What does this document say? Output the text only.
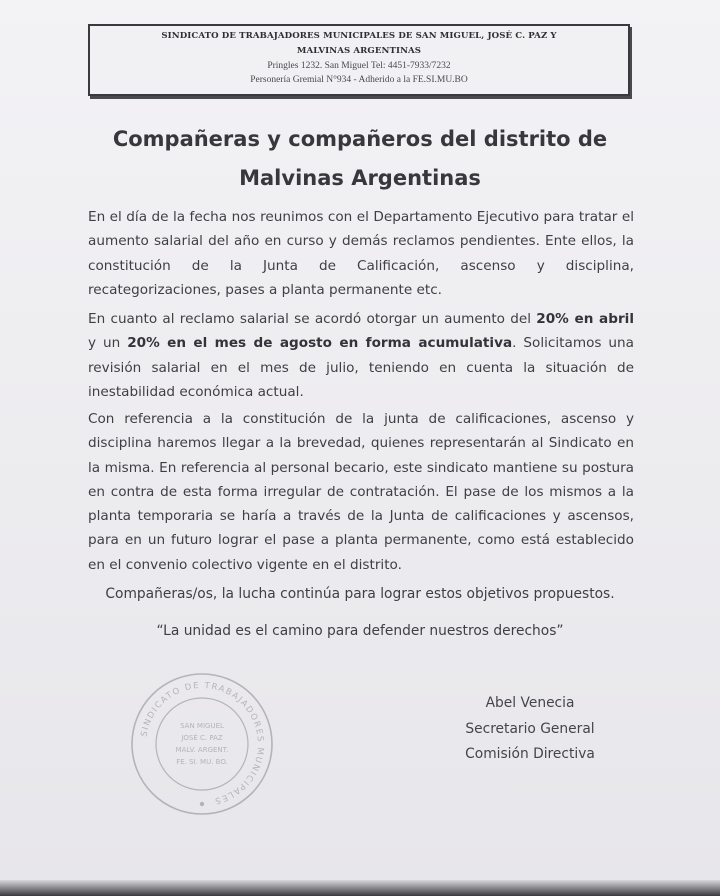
SINDICATO DE TRABAJADORES MUNICIPALES DE SAN MIGUEL, JOSÉ C. PAZ Y
MALVINAS ARGENTINAS
Pringles 1232. San Miguel Tel: 4451-7933/7232
Personería Gremial N°934 - Adherido a la FE.SI.MU.BO
Compañeras y compañeros del distrito de
Malvinas Argentinas

En el día de la fecha nos reunimos con el Departamento Ejecutivo para tratar el aumento salarial del año en curso y demás reclamos pendientes. Ente ellos, la constitución de la Junta de Calificación, ascenso y disciplina, recategorizaciones, pases a planta permanente etc.

En cuanto al reclamo salarial se acordó otorgar un aumento del 20% en abril y un 20% en el mes de agosto en forma acumulativa. Solicitamos una revisión salarial en el mes de julio, teniendo en cuenta la situación de inestabilidad económica actual.

Con referencia a la constitución de la junta de calificaciones, ascenso y disciplina haremos llegar a la brevedad, quienes representarán al Sindicato en la misma. En referencia al personal becario, este sindicato mantiene su postura en contra de esta forma irregular de contratación. El pase de los mismos a la planta temporaria se haría a través de la Junta de calificaciones y ascensos, para en un futuro lograr el pase a planta permanente, como está establecido en el convenio colectivo vigente en el distrito.

Compañeras/os, la lucha continúa para lograr estos objetivos propuestos.

“La unidad es el camino para defender nuestros derechos”

SINDICATO DE TRABAJADORES MUNICIPALES
SAN MIGUEL
JOSÉ C. PAZ
MALV. ARGENT.
FE. SI. MU. BO.
Abel Venecia
Secretario General
Comisión Directiva
